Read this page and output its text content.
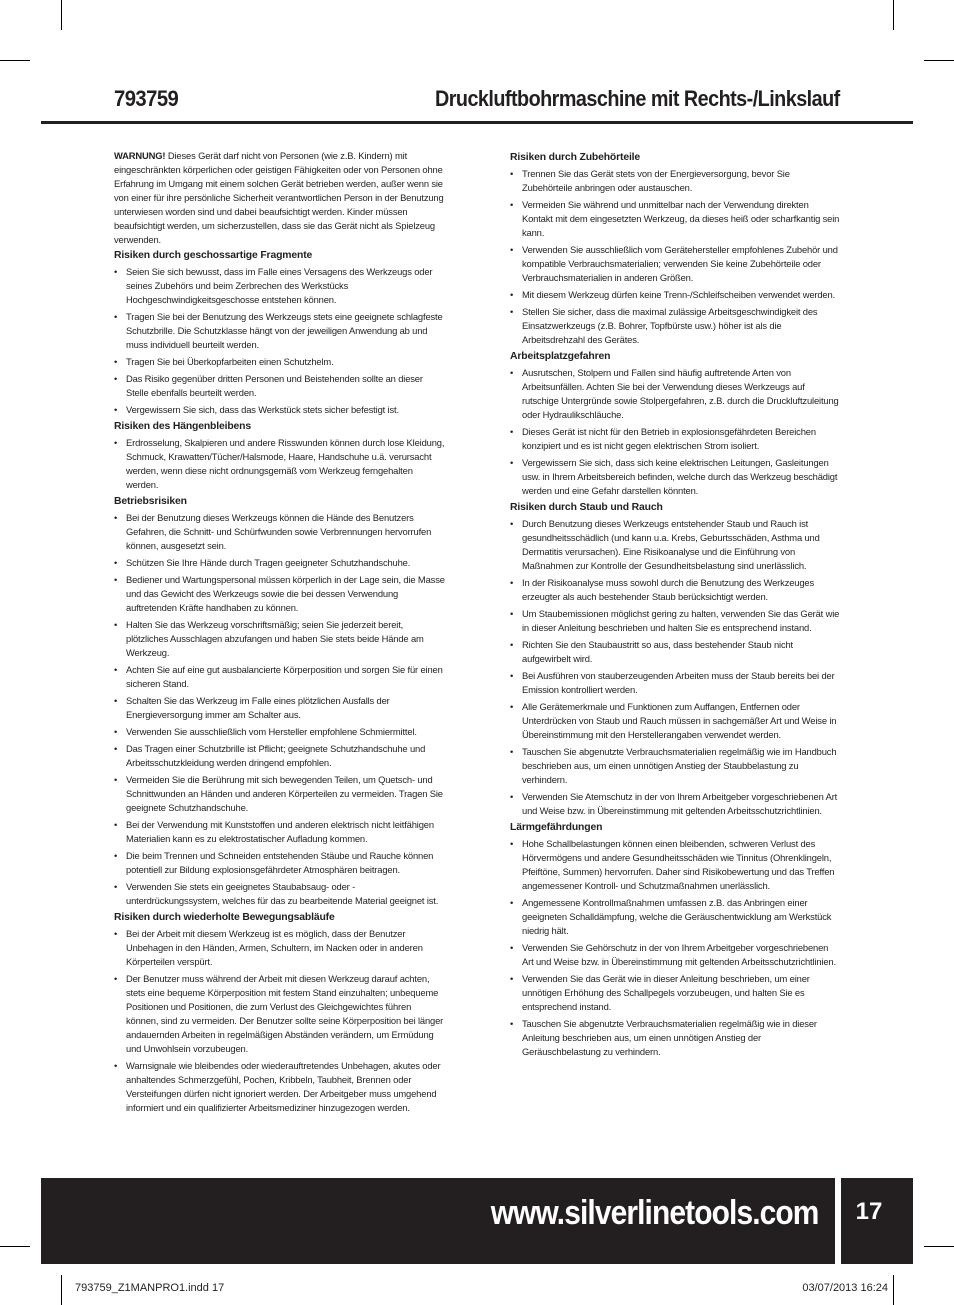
793759	Druckluftbohrmaschine mit Rechts-/Linkslauf

WARNUNG! Dieses Gerät darf nicht von Personen (wie z.B. Kindern) mit eingeschränkten körperlichen oder geistigen Fähigkeiten oder von Personen ohne Erfahrung im Umgang mit einem solchen Gerät betrieben werden, außer wenn sie von einer für ihre persönliche Sicherheit verantwortlichen Person in der Benutzung unterwiesen worden sind und dabei beaufsichtigt werden. Kinder müssen beaufsichtigt werden, um sicherzustellen, dass sie das Gerät nicht als Spielzeug verwenden.

Risiken durch geschossartige Fragmente
• Seien Sie sich bewusst, dass im Falle eines Versagens des Werkzeugs oder seines Zubehörs und beim Zerbrechen des Werkstücks Hochgeschwindigkeitsgeschosse entstehen können.
• Tragen Sie bei der Benutzung des Werkzeugs stets eine geeignete schlagfeste Schutzbrille. Die Schutzklasse hängt von der jeweiligen Anwendung ab und muss individuell beurteilt werden.
• Tragen Sie bei Überkopfarbeiten einen Schutzhelm.
• Das Risiko gegenüber dritten Personen und Beistehenden sollte an dieser Stelle ebenfalls beurteilt werden.
• Vergewissern Sie sich, dass das Werkstück stets sicher befestigt ist.
Risiken des Hängenbleibens
• Erdrosselung, Skalpieren und andere Risswunden können durch lose Kleidung, Schmuck, Krawatten/Tücher/Halsmode, Haare, Handschuhe u.ä. verursacht werden, wenn diese nicht ordnungsgemäß vom Werkzeug ferngehalten werden.
Betriebsrisiken
• Bei der Benutzung dieses Werkzeugs können die Hände des Benutzers Gefahren, die Schnitt- und Schürfwunden sowie Verbrennungen hervorrufen können, ausgesetzt sein.
• Schützen Sie Ihre Hände durch Tragen geeigneter Schutzhandschuhe.
• Bediener und Wartungspersonal müssen körperlich in der Lage sein, die Masse und das Gewicht des Werkzeugs sowie die bei dessen Verwendung auftretenden Kräfte handhaben zu können.
• Halten Sie das Werkzeug vorschriftsmäßig; seien Sie jederzeit bereit, plötzliches Ausschlagen abzufangen und haben Sie stets beide Hände am Werkzeug.
• Achten Sie auf eine gut ausbalancierte Körperposition und sorgen Sie für einen sicheren Stand.
• Schalten Sie das Werkzeug im Falle eines plötzlichen Ausfalls der Energieversorgung immer am Schalter aus.
• Verwenden Sie ausschließlich vom Hersteller empfohlene Schmiermittel.
• Das Tragen einer Schutzbrille ist Pflicht; geeignete Schutzhandschuhe und Arbeitsschutzkleidung werden dringend empfohlen.
• Vermeiden Sie die Berührung mit sich bewegenden Teilen, um Quetsch- und Schnittwunden an Händen und anderen Körperteilen zu vermeiden. Tragen Sie geeignete Schutzhandschuhe.
• Bei der Verwendung mit Kunststoffen und anderen elektrisch nicht leitfähigen Materialien kann es zu elektrostatischer Aufladung kommen.
• Die beim Trennen und Schneiden entstehenden Stäube und Rauche können potentiell zur Bildung explosionsgefährdeter Atmosphären beitragen.
• Verwenden Sie stets ein geeignetes Staubabsaug- oder -unterdrückungssystem, welches für das zu bearbeitende Material geeignet ist.
Risiken durch wiederholte Bewegungsabläufe
• Bei der Arbeit mit diesem Werkzeug ist es möglich, dass der Benutzer Unbehagen in den Händen, Armen, Schultern, im Nacken oder in anderen Körperteilen verspürt.
• Der Benutzer muss während der Arbeit mit diesen Werkzeug darauf achten, stets eine bequeme Körperposition mit festem Stand einzuhalten; unbequeme Positionen und Positionen, die zum Verlust des Gleichgewichtes führen können, sind zu vermeiden. Der Benutzer sollte seine Körperposition bei länger andauernden Arbeiten in regelmäßigen Abständen verändern, um Ermüdung und Unwohlsein vorzubeugen.
• Warnsignale wie bleibendes oder wiederauftretendes Unbehagen, akutes oder anhaltendes Schmerzgefühl, Pochen, Kribbeln, Taubheit, Brennen oder Versteifungen dürfen nicht ignoriert werden. Der Arbeitgeber muss umgehend informiert und ein qualifizierter Arbeitsmediziner hinzugezogen werden.
Risiken durch Zubehörteile
• Trennen Sie das Gerät stets von der Energieversorgung, bevor Sie Zubehörteile anbringen oder austauschen.
• Vermeiden Sie während und unmittelbar nach der Verwendung direkten Kontakt mit dem eingesetzten Werkzeug, da dieses heiß oder scharfkantig sein kann.
• Verwenden Sie ausschließlich vom Gerätehersteller empfohlenes Zubehör und kompatible Verbrauchsmaterialien; verwenden Sie keine Zubehörteile oder Verbrauchsmaterialien in anderen Größen.
• Mit diesem Werkzeug dürfen keine Trenn-/Schleifscheiben verwendet werden.
• Stellen Sie sicher, dass die maximal zulässige Arbeitsgeschwindigkeit des Einsatzwerkzeugs (z.B. Bohrer, Topfbürste usw.) höher ist als die Arbeitsdrehzahl des Gerätes.
Arbeitsplatzgefahren
• Ausrutschen, Stolpern und Fallen sind häufig auftretende Arten von Arbeitsunfällen. Achten Sie bei der Verwendung dieses Werkzeugs auf rutschige Untergründe sowie Stolpergefahren, z.B. durch die Druckluftzuleitung oder Hydraulikschläuche.
• Dieses Gerät ist nicht für den Betrieb in explosionsgefährdeten Bereichen konzipiert und es ist nicht gegen elektrischen Strom isoliert.
• Vergewissern Sie sich, dass sich keine elektrischen Leitungen, Gasleitungen usw. in Ihrem Arbeitsbereich befinden, welche durch das Werkzeug beschädigt werden und eine Gefahr darstellen könnten.
Risiken durch Staub und Rauch
• Durch Benutzung dieses Werkzeugs entstehender Staub und Rauch ist gesundheitsschädlich (und kann u.a. Krebs, Geburtsschäden, Asthma und Dermatitis verursachen). Eine Risikoanalyse und die Einführung von Maßnahmen zur Kontrolle der Gesundheitsbelastung sind unerlässlich.
• In der Risikoanalyse muss sowohl durch die Benutzung des Werkzeuges erzeugter als auch bestehender Staub berücksichtigt werden.
• Um Staubemissionen möglichst gering zu halten, verwenden Sie das Gerät wie in dieser Anleitung beschrieben und halten Sie es entsprechend instand.
• Richten Sie den Staubaustritt so aus, dass bestehender Staub nicht aufgewirbelt wird.
• Bei Ausführen von stauberzeugenden Arbeiten muss der Staub bereits bei der Emission kontrolliert werden.
• Alle Gerätemerkmale und Funktionen zum Auffangen, Entfernen oder Unterdrücken von Staub und Rauch müssen in sachgemäßer Art und Weise in Übereinstimmung mit den Herstellerangaben verwendet werden.
• Tauschen Sie abgenutzte Verbrauchsmaterialien regelmäßig wie im Handbuch beschrieben aus, um einen unnötigen Anstieg der Staubbelastung zu verhindern.
• Verwenden Sie Atemschutz in der von Ihrem Arbeitgeber vorgeschriebenen Art und Weise bzw. in Übereinstimmung mit geltenden Arbeitsschutzrichtlinien.
Lärmgefährdungen
• Hohe Schallbelastungen können einen bleibenden, schweren Verlust des Hörvermögens und andere Gesundheitsschäden wie Tinnitus (Ohrenklingeln, Pfeiftöne, Summen) hervorrufen. Daher sind Risikobewertung und das Treffen angemessener Kontroll- und Schutzmaßnahmen unerlässlich.
• Angemessene Kontrollmaßnahmen umfassen z.B. das Anbringen einer geeigneten Schalldämpfung, welche die Geräuschentwicklung am Werkstück niedrig hält.
• Verwenden Sie Gehörschutz in der von Ihrem Arbeitgeber vorgeschriebenen Art und Weise bzw. in Übereinstimmung mit geltenden Arbeitsschutzrichtlinien.
• Verwenden Sie das Gerät wie in dieser Anleitung beschrieben, um einer unnötigen Erhöhung des Schallpegels vorzubeugen, und halten Sie es entsprechend instand.
• Tauschen Sie abgenutzte Verbrauchsmaterialien regelmäßig wie in dieser Anleitung beschrieben aus, um einen unnötigen Anstieg der Geräuschbelastung zu verhindern.
www.silverlinetools.com	17
793759_Z1MANPRO1.indd 17	03/07/2013 16:24
